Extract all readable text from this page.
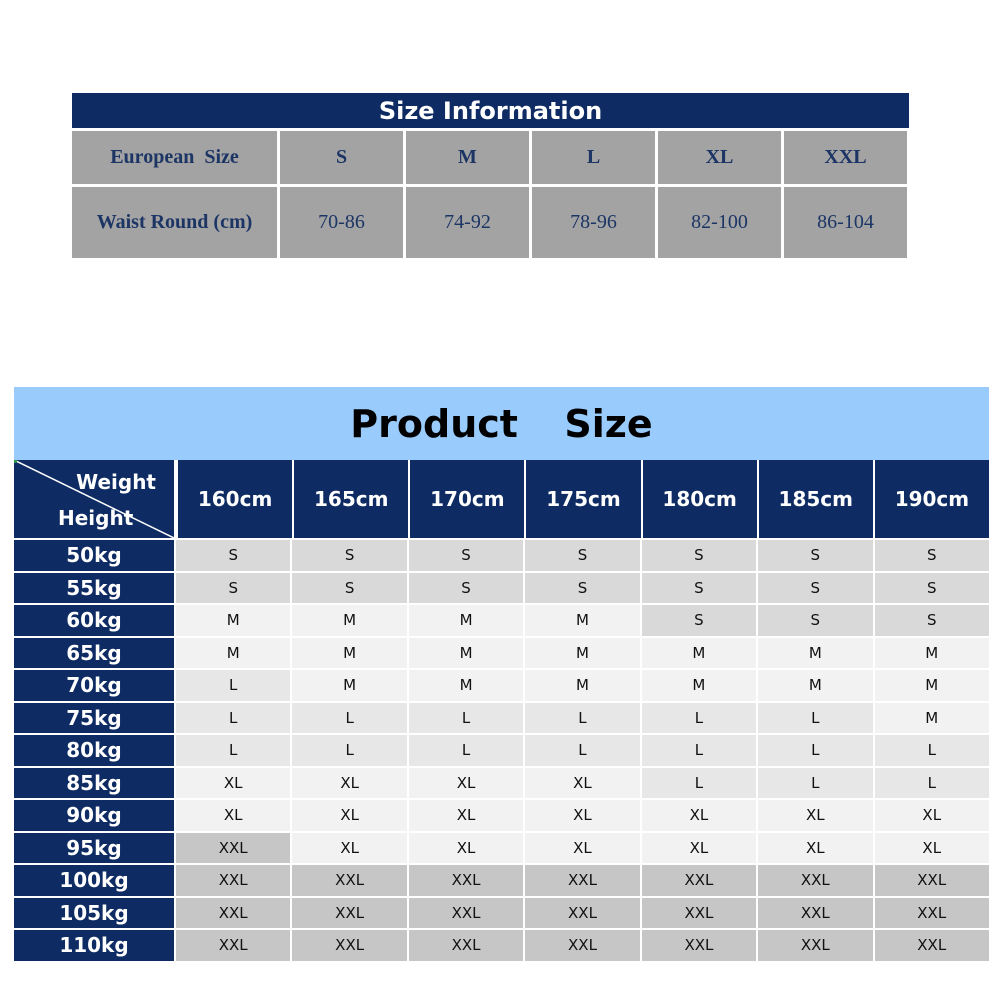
Size Information
European  Size	S	M	L	XL	XXL
Waist Round (cm)	70-86	74-92	78-96	82-100	86-104
Product  Size
Weight
Height
160cm	165cm	170cm	175cm	180cm	185cm	190cm
50kg	S	S	S	S	S	S	S
55kg	S	S	S	S	S	S	S
60kg	M	M	M	M	S	S	S
65kg	M	M	M	M	M	M	M
70kg	L	M	M	M	M	M	M
75kg	L	L	L	L	L	L	M
80kg	L	L	L	L	L	L	L
85kg	XL	XL	XL	XL	L	L	L
90kg	XL	XL	XL	XL	XL	XL	XL
95kg	XXL	XL	XL	XL	XL	XL	XL
100kg	XXL	XXL	XXL	XXL	XXL	XXL	XXL
105kg	XXL	XXL	XXL	XXL	XXL	XXL	XXL
110kg	XXL	XXL	XXL	XXL	XXL	XXL	XXL
